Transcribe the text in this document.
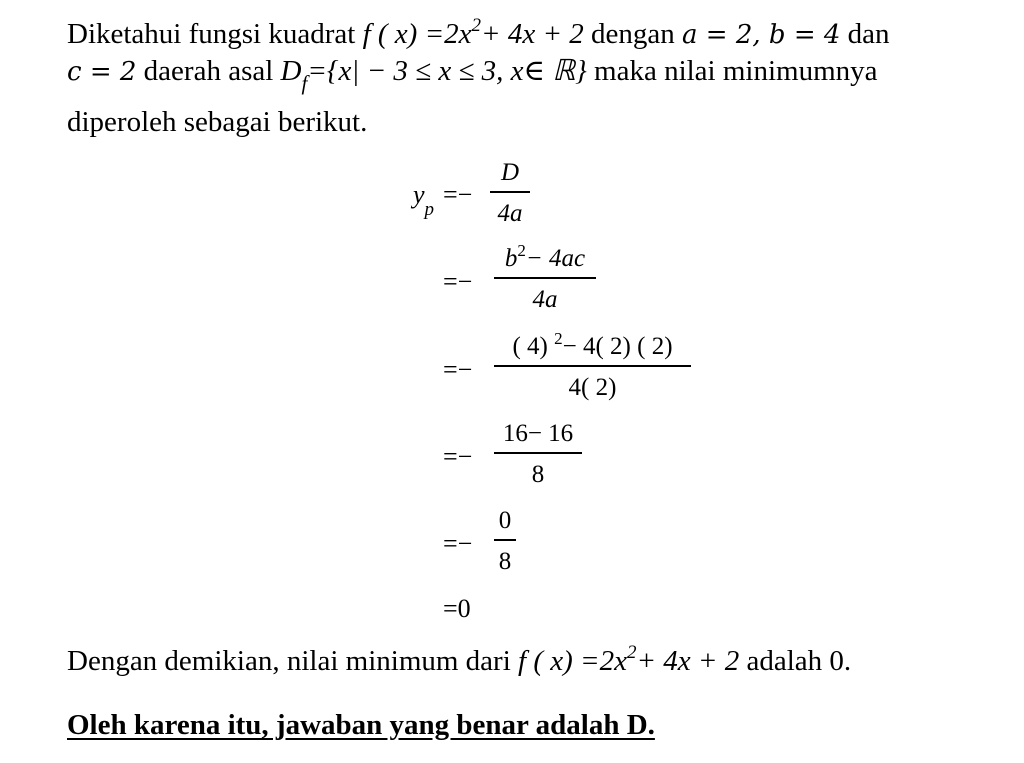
Diketahui fungsi kuadrat f ( $x) =2x^2+ 4x + 2$ dengan a = 2, b = 4 dan
c = 2 daerah asal $D_f=\{x| - 3 \le x \le 3$, x∈ ℝ} maka nilai minimumnya
diperoleh sebagai berikut.
$y_p$
=−
D
4a
=−
$b^2- 4ac$
4a
=−
( 4) $^2$− 4( 2) ( 2)
4( 2)
=−
16− 16
8
=−
0
8
=0
Dengan demikian, nilai minimum dari f ( $x) =2x^2+ 4x + 2$ adalah 0.
Oleh karena itu, jawaban yang benar adalah D.
